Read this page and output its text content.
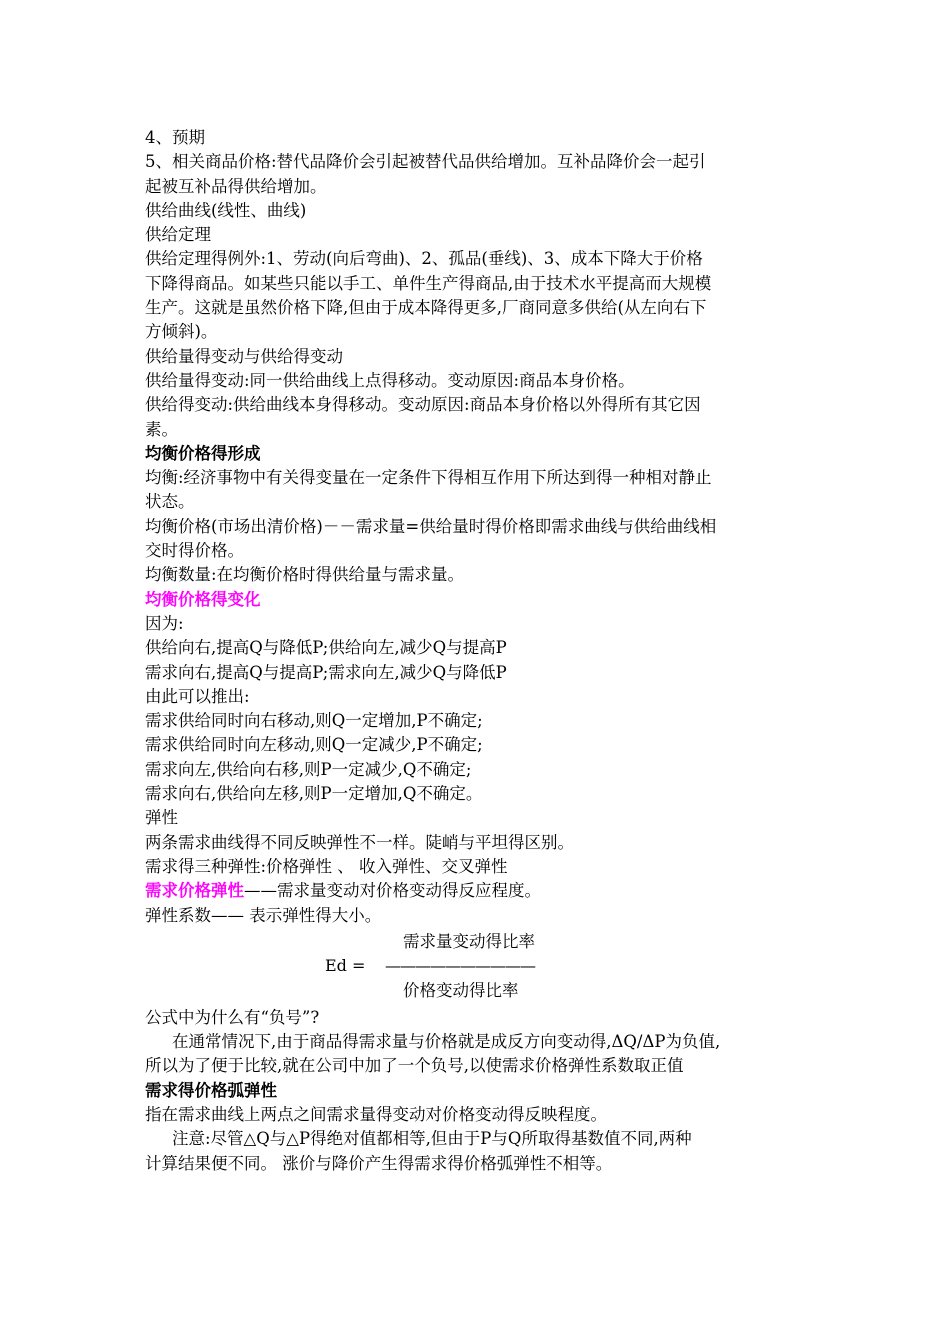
4、预期
5、相关商品价格:替代品降价会引起被替代品供给增加。互补品降价会一起引
起被互补品得供给增加。
供给曲线(线性、曲线)
供给定理
供给定理得例外:1、劳动(向后弯曲)、2、孤品(垂线)、3、成本下降大于价格
下降得商品。如某些只能以手工、单件生产得商品,由于技术水平提高而大规模
生产。这就是虽然价格下降,但由于成本降得更多,厂商同意多供给(从左向右下
方倾斜)。
供给量得变动与供给得变动
供给量得变动:同一供给曲线上点得移动。变动原因:商品本身价格。
供给得变动:供给曲线本身得移动。变动原因:商品本身价格以外得所有其它因
素。
均衡价格得形成
均衡:经济事物中有关得变量在一定条件下得相互作用下所达到得一种相对静止
状态。
均衡价格(市场出清价格)－－需求量=供给量时得价格即需求曲线与供给曲线相
交时得价格。
均衡数量:在均衡价格时得供给量与需求量。
均衡价格得变化
因为:
供给向右,提高Q与降低P;供给向左,减少Q与提高P
需求向右,提高Q与提高P;需求向左,减少Q与降低P
由此可以推出:
需求供给同时向右移动,则Q一定增加,P不确定;
需求供给同时向左移动,则Q一定减少,P不确定;
需求向左,供给向右移,则P一定减少,Q不确定;
需求向右,供给向左移,则P一定增加,Q不确定。
弹性
两条需求曲线得不同反映弹性不一样。陡峭与平坦得区别。
需求得三种弹性:价格弹性 、 收入弹性、交叉弹性
需求价格弹性——需求量变动对价格变动得反应程度。
弹性系数—— 表示弹性得大小。
需求量变动得比率
Ed = ——————————
价格变动得比率
公式中为什么有“负号”?
在通常情况下,由于商品得需求量与价格就是成反方向变动得,ΔQ/ΔP为负值,
所以为了便于比较,就在公司中加了一个负号,以使需求价格弹性系数取正值
需求得价格弧弹性
指在需求曲线上两点之间需求量得变动对价格变动得反映程度。
注意:尽管△Q与△P得绝对值都相等,但由于P与Q所取得基数值不同,两种
计算结果便不同。 涨价与降价产生得需求得价格弧弹性不相等。
